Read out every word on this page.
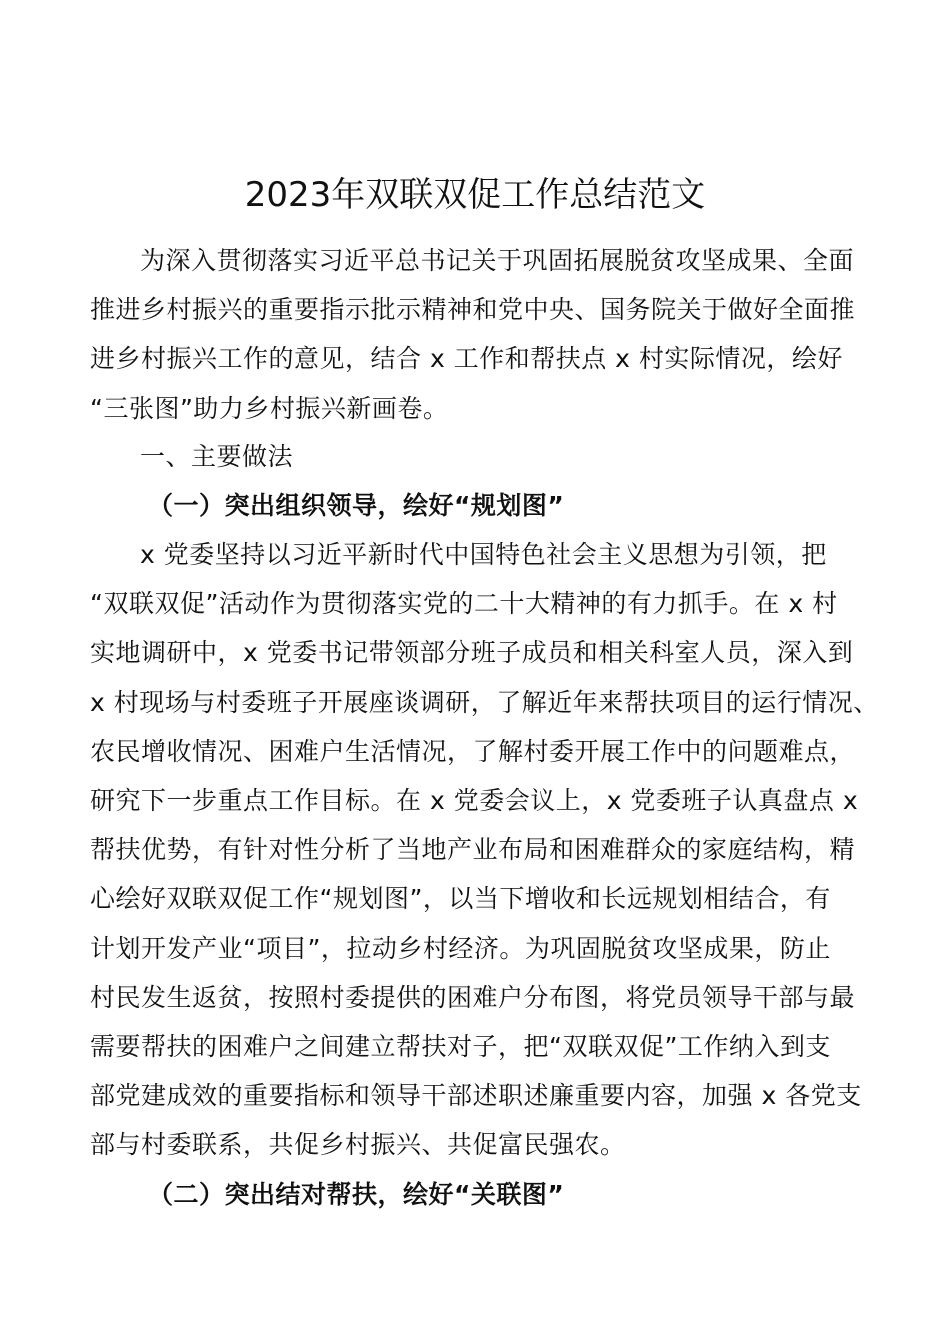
2023年双联双促工作总结范文
为深入贯彻落实习近平总书记关于巩固拓展脱贫攻坚成果、全面
推进乡村振兴的重要指示批示精神和党中央、国务院关于做好全面推
进乡村振兴工作的意见，结合 x 工作和帮扶点 x 村实际情况，绘好
“三张图”助力乡村振兴新画卷。
一、主要做法
（一）突出组织领导，绘好“规划图”
x 党委坚持以习近平新时代中国特色社会主义思想为引领，把
“双联双促”活动作为贯彻落实党的二十大精神的有力抓手。在 x 村
实地调研中，x 党委书记带领部分班子成员和相关科室人员，深入到
x 村现场与村委班子开展座谈调研，了解近年来帮扶项目的运行情况、
农民增收情况、困难户生活情况，了解村委开展工作中的问题难点，
研究下一步重点工作目标。在 x 党委会议上，x 党委班子认真盘点 x
帮扶优势，有针对性分析了当地产业布局和困难群众的家庭结构，精
心绘好双联双促工作“规划图”，以当下增收和长远规划相结合，有
计划开发产业“项目”，拉动乡村经济。为巩固脱贫攻坚成果，防止
村民发生返贫，按照村委提供的困难户分布图，将党员领导干部与最
需要帮扶的困难户之间建立帮扶对子，把“双联双促”工作纳入到支
部党建成效的重要指标和领导干部述职述廉重要内容，加强 x 各党支
部与村委联系，共促乡村振兴、共促富民强农。
（二）突出结对帮扶，绘好“关联图”
